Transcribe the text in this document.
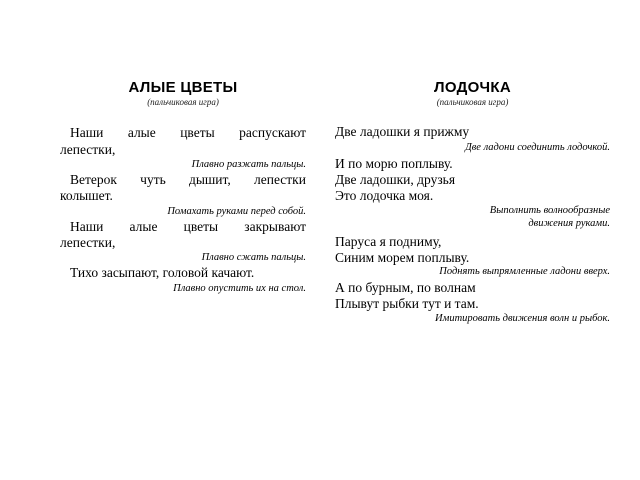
АЛЫЕ ЦВЕТЫ
(пальчиковая игра)
Наши алые цветы распускают
лепестки,
Плавно разжать пальцы.
Ветерок чуть дышит, лепестки
колышет.
Помахать руками перед собой.
Наши алые цветы закрывают
лепестки,
Плавно сжать пальцы.
Тихо засыпают, головой качают.
Плавно опустить их на стол.
ЛОДОЧКА
(пальчиковая игра)
Две ладошки я прижму
Две ладони соединить лодочкой.
И по морю поплыву.
Две ладошки, друзья
Это лодочка моя.
Выполнить волнообразные
движения руками.
Паруса я подниму,
Синим морем поплыву.
Поднять выпрямленные ладони вверх.
А по бурным, по волнам
Плывут рыбки тут и там.
Имитировать движения волн и рыбок.
